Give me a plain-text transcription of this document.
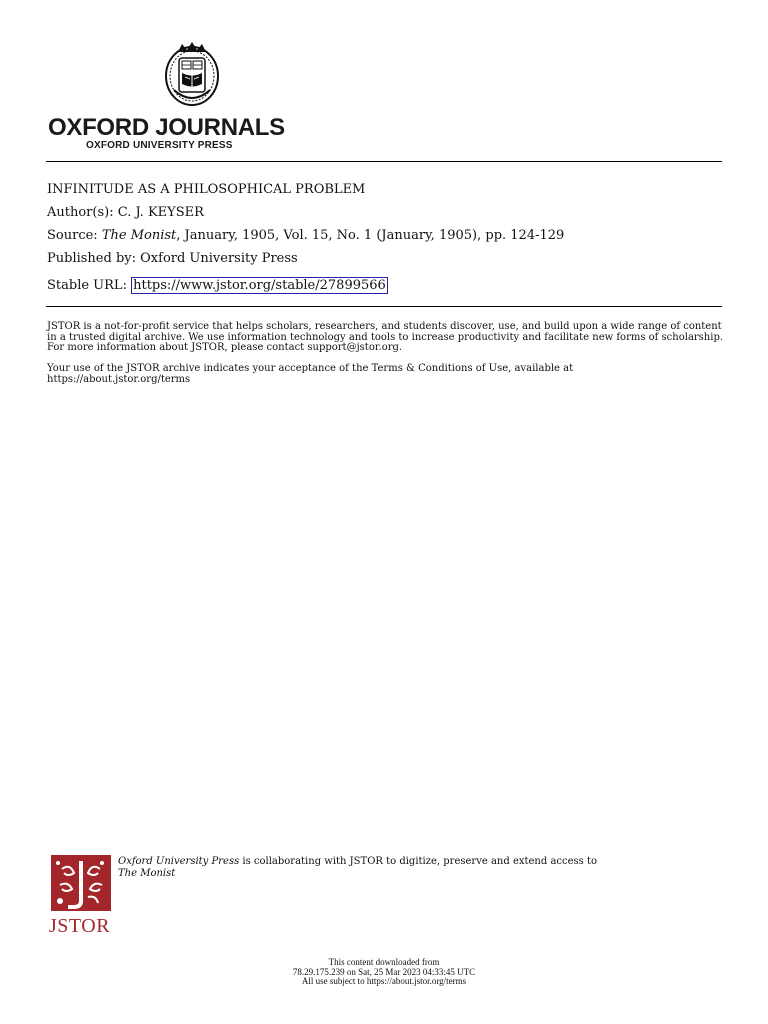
OXFORD JOURNALS
OXFORD UNIVERSITY PRESS
INFINITUDE AS A PHILOSOPHICAL PROBLEM
Author(s): C. J. KEYSER
Source: The Monist, January, 1905, Vol. 15, No. 1 (January, 1905), pp. 124-129
Published by: Oxford University Press
Stable URL: https://www.jstor.org/stable/27899566
JSTOR is a not-for-profit service that helps scholars, researchers, and students discover, use, and build upon a wide range of content in a trusted digital archive. We use information technology and tools to increase productivity and facilitate new forms of scholarship. For more information about JSTOR, please contact support@jstor.org.
Your use of the JSTOR archive indicates your acceptance of the Terms & Conditions of Use, available at
https://about.jstor.org/terms
JSTOR
Oxford University Press is collaborating with JSTOR to digitize, preserve and extend access to
The Monist
This content downloaded from
78.29.175.239 on Sat, 25 Mar 2023 04:33:45 UTC
All use subject to https://about.jstor.org/terms
